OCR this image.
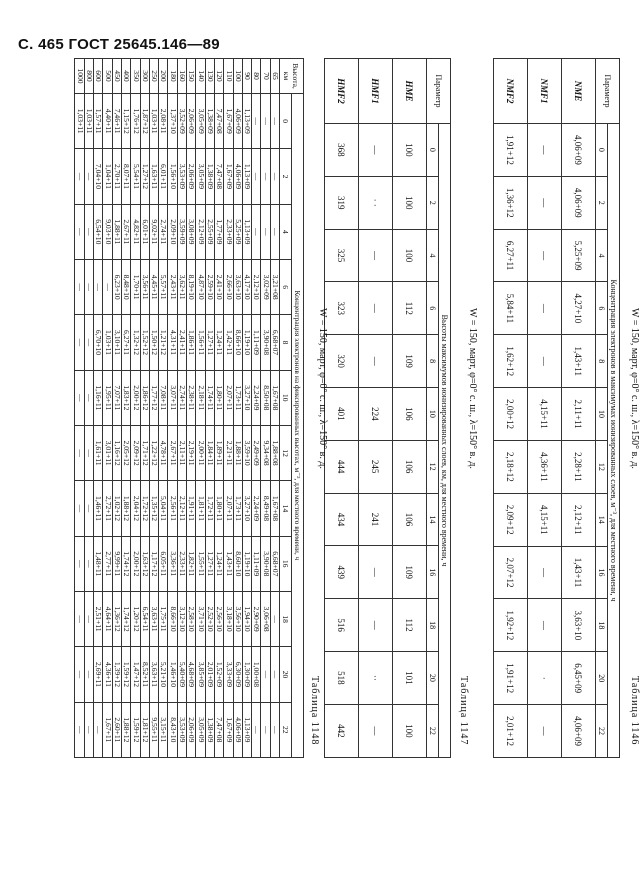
С. 465 ГОСТ 25645.146—89
Таблица 1146
Параметр	Концентрация электронов в максимумах ионизированных слоев, м⁻³, для местного времени, ч											
	0	2	4	6	8	10	12	14	16	18	20	22
NME	4,06+09	4,06+09	5,25+09	4,27+10	1,43+11	2,11+11	2,28+11	2,12+11	1,43+11	3,63+10	6,45+09	4,06+09
NMF1	—	—	—	—	—	4,15+11	4,36+11	4,15+11	—	—	·	—
NMF2	1,91+12	1,36+12	6,27+11	5,84+11	1,62+12	2,00+12	2,18+12	2,09+12	2,07+12	1,92+12	1,91+12	2,01+12
W = 150, март, φ=0° с. ш., λ=150° в. д.
Таблица 1147
Параметр	Высоты максимумов ионизированных слоев, км, для местного времени, ч											
	0	2	4	6	8	10	12	14	16	18	20	22
HME	100	100	100	112	109	106	106	106	109	112	101	100
HMF1	—	· ·	—	—	—	224	245	241	—	—	··	—
HMF2	368	319	325	323	320	401	444	434	439	516	518	442
W = 150, март, φ=0° с. ш., λ=150° в. д.
Таблица 1148
Высота, км	Концентрация электронов на фиксированных высотах, м⁻³, для местного времени, ч											
	0	2	4	6	8	10	12	14	16	18	20	22
65	—	—	—	3,21+08	6,68+07	1,67+08	1,88+08	1,67+08	6,68+07	—	—	—
70	—	—	—	3,02+09	3,90+08	8,50+08	9,34+08	8,49+08	3,90+08	3,06+08	—	—
80	—	—	—	2,12+10	1,11+09	2,24+09	2,49+09	2,24+09	1,11+09	2,90+09	1,00+08	—
90	1,13+09	1,13+09	1,13+09	4,17+10	1,19+10	3,27+10	3,59+10	3,27+10	1,19+10	1,94+10	1,30+09	1,13+09
100	4,06+09	4,06+09	5,25+09	3,63+10	8,66+10	1,73+11	1,88+11	1,73+11	8,60+10	3,56+10	6,30+09	4,06+09
110	1,67+09	1,67+09	2,33+09	2,66+10	1,42+11	2,07+11	2,21+11	2,07+11	1,43+11	3,18+10	3,33+09	1,67+09
120	7,47+08	7,47+08	1,77+09	2,41+10	1,24+11	1,80+11	1,89+11	1,80+11	1,24+11	2,56+10	1,52+09	7,47+08
130	1,38+09	1,38+09	2,55+09	2,59+10	1,27+11	1,74+11	1,84+11	1,72+11	1,27+11	2,52+10	2,01+09	1,38+09
140	3,05+09	3,05+09	2,12+09	4,87+10	1,56+11	2,18+11	2,00+11	1,81+11	1,55+11	3,71+10	3,85+09	3,05+09
150	2,06+09	2,06+09	3,08+09	8,19+10	1,86+11	2,38+11	2,19+11	1,91+11	1,82+11	2,58+10	4,68+09	2,06+09
160	3,52+09	3,53+09	3,59+09	3,62+11	2,41+11	2,74+11	2,11+11	2,12+11	2,33+11	3,12+10	5,40+09	3,53+09
180	1,37+10	1,56+10	2,09+10	2,43+11	4,31+11	3,07+11	2,67+11	2,56+11	3,36+11	8,66+10	1,46+10	8,43+10
200	2,08+11	6,01+11	2,74+11	5,57+11	1,21+12	7,08+11	4,78+11	5,04+11	6,05+11	1,75+11	5,21+10	3,15+11
250	1,03+11	1,63+11	9,02+11	4,45+11	1,50+12	1,77+12	1,22+12	1,35+12	1,17+12	3,63+11	3,63+11	9,55+11
300	1,87+12	1,27+12	6,01+11	3,56+11	1,52+12	1,86+12	1,71+12	1,72+12	1,63+12	6,54+11	8,52+11	1,81+12
350	1,76+12	5,54+11	4,82+11	1,70+11	1,32+12	2,00+12	2,09+12	2,04+12	2,00+12	1,20+12	1,47+12	1,59+12
400	1,15+12	8,07+11	2,67+11	8,48+10	6,27+11	1,83+12	2,05+12	1,88+12	1,74+12	1,74+12	1,59+12	1,88+12
450	7,46+11	2,70+11	1,88+11	6,23+10	3,10+11	7,07+11	1,16+12	1,02+12	9,99+11	1,36+12	1,39+12	2,60+11
500	4,40+11	1,04+11	9,03+10	—	1,03+11	1,95+11	3,01+11	2,72+11	2,77+11	4,64+11	4,36+11	1,67+11
600	1,57+11	7,04+10	6,54+10	—	6,70+10	1,16+11	1,61+11	1,46+11	1,48+11	2,51+11	2,69+11	—
800	1,03+11	—	—	—	—	—	—	—	—	—	—	—
1000	1,03+11	—	—	—	—	—	—	—	—	—	—	—
W = 150, март, φ=0° с. ш., λ=150° в. д.
